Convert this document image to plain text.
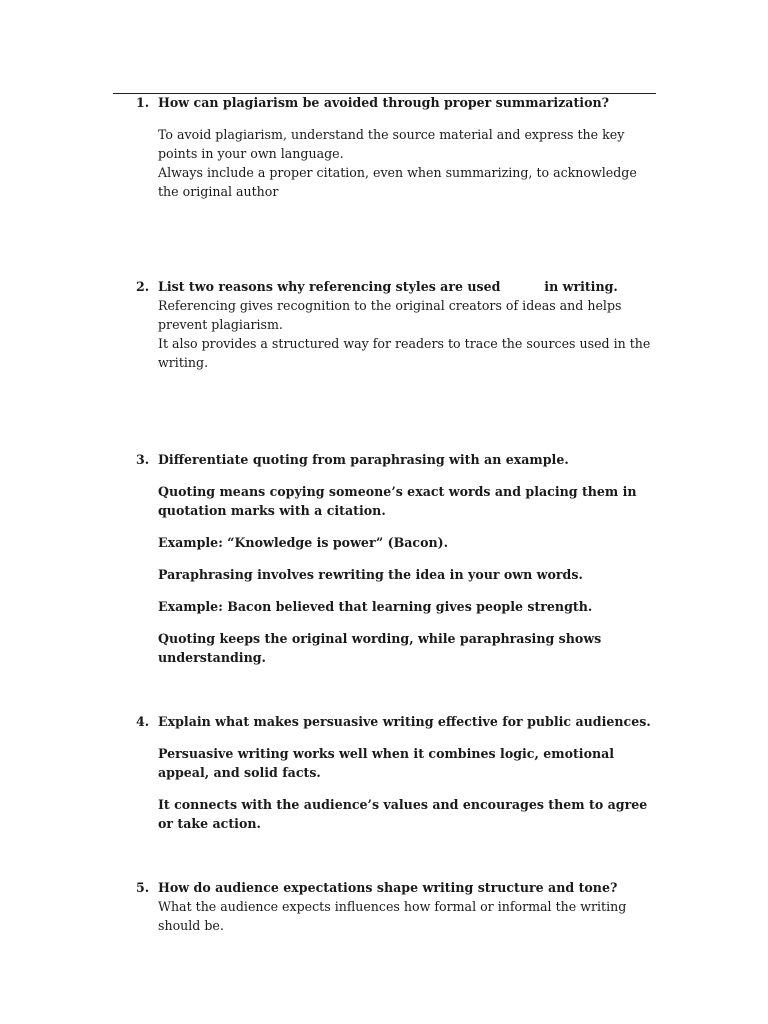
1. How can plagiarism be avoided through proper summarization?

To avoid plagiarism, understand the source material and express the key points in your own language.

Always include a proper citation, even when summarizing, to acknowledge the original author

2. List two reasons why referencing styles are used          in writing.

Referencing gives recognition to the original creators of ideas and helps prevent plagiarism.

It also provides a structured way for readers to trace the sources used in the writing.

3. Differentiate quoting from paraphrasing with an example.

Quoting means copying someone’s exact words and placing them in quotation marks with a citation.

Example: “Knowledge is power” (Bacon).

Paraphrasing involves rewriting the idea in your own words.

Example: Bacon believed that learning gives people strength.

Quoting keeps the original wording, while paraphrasing shows understanding.

4. Explain what makes persuasive writing effective for public audiences.

Persuasive writing works well when it combines logic, emotional appeal, and solid facts.

It connects with the audience’s values and encourages them to agree or take action.

5. How do audience expectations shape writing structure and tone?

What the audience expects influences how formal or informal the writing should be.
